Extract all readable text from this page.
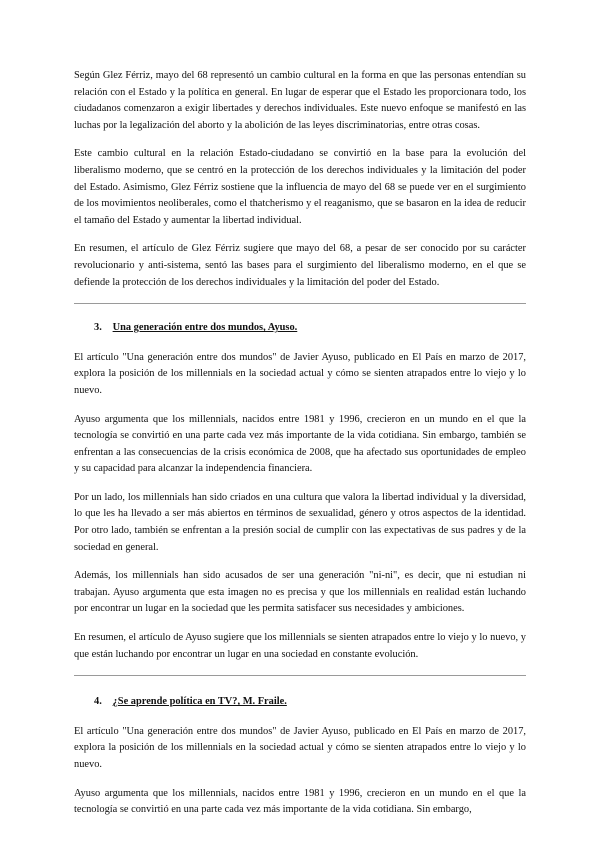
Según Glez Férriz, mayo del 68 representó un cambio cultural en la forma en que las personas entendían su relación con el Estado y la política en general. En lugar de esperar que el Estado les proporcionara todo, los ciudadanos comenzaron a exigir libertades y derechos individuales. Este nuevo enfoque se manifestó en las luchas por la legalización del aborto y la abolición de las leyes discriminatorias, entre otras cosas.

Este cambio cultural en la relación Estado-ciudadano se convirtió en la base para la evolución del liberalismo moderno, que se centró en la protección de los derechos individuales y la limitación del poder del Estado. Asimismo, Glez Férriz sostiene que la influencia de mayo del 68 se puede ver en el surgimiento de los movimientos neoliberales, como el thatcherismo y el reaganismo, que se basaron en la idea de reducir el tamaño del Estado y aumentar la libertad individual.

En resumen, el artículo de Glez Férriz sugiere que mayo del 68, a pesar de ser conocido por su carácter revolucionario y anti-sistema, sentó las bases para el surgimiento del liberalismo moderno, en el que se defiende la protección de los derechos individuales y la limitación del poder del Estado.

3. Una generación entre dos mundos, Ayuso.

El artículo "Una generación entre dos mundos" de Javier Ayuso, publicado en El País en marzo de 2017, explora la posición de los millennials en la sociedad actual y cómo se sienten atrapados entre lo viejo y lo nuevo.

Ayuso argumenta que los millennials, nacidos entre 1981 y 1996, crecieron en un mundo en el que la tecnología se convirtió en una parte cada vez más importante de la vida cotidiana. Sin embargo, también se enfrentan a las consecuencias de la crisis económica de 2008, que ha afectado sus oportunidades de empleo y su capacidad para alcanzar la independencia financiera.

Por un lado, los millennials han sido criados en una cultura que valora la libertad individual y la diversidad, lo que les ha llevado a ser más abiertos en términos de sexualidad, género y otros aspectos de la identidad. Por otro lado, también se enfrentan a la presión social de cumplir con las expectativas de sus padres y de la sociedad en general.

Además, los millennials han sido acusados de ser una generación "ni-ni", es decir, que ni estudian ni trabajan. Ayuso argumenta que esta imagen no es precisa y que los millennials en realidad están luchando por encontrar un lugar en la sociedad que les permita satisfacer sus necesidades y ambiciones.

En resumen, el artículo de Ayuso sugiere que los millennials se sienten atrapados entre lo viejo y lo nuevo, y que están luchando por encontrar un lugar en una sociedad en constante evolución.

4. ¿Se aprende política en TV?, M. Fraile.

El artículo "Una generación entre dos mundos" de Javier Ayuso, publicado en El País en marzo de 2017, explora la posición de los millennials en la sociedad actual y cómo se sienten atrapados entre lo viejo y lo nuevo.

Ayuso argumenta que los millennials, nacidos entre 1981 y 1996, crecieron en un mundo en el que la tecnología se convirtió en una parte cada vez más importante de la vida cotidiana. Sin embargo,
